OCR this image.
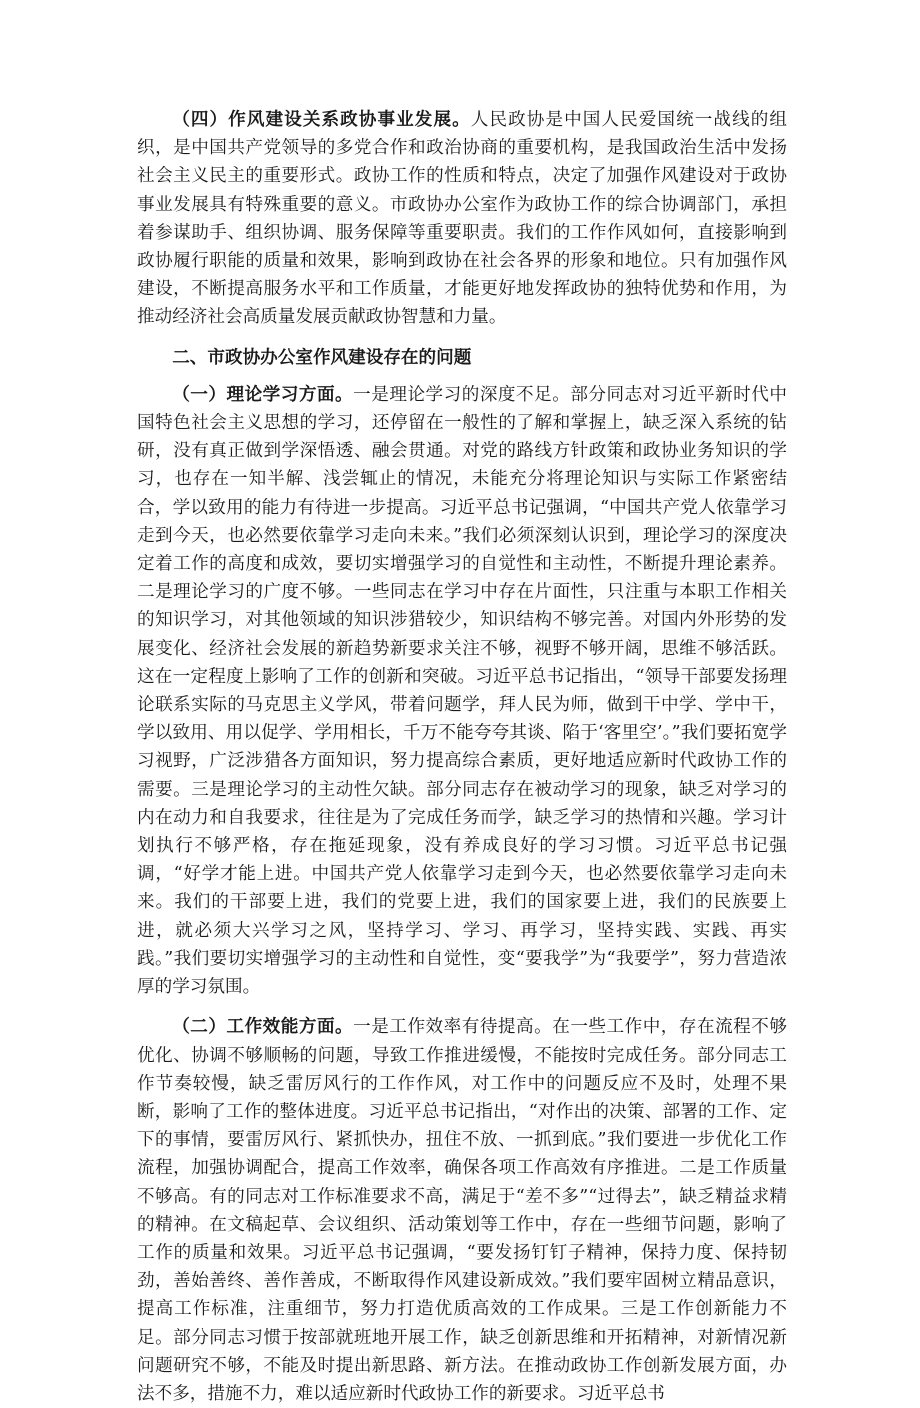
（四）作风建设关系政协事业发展。人民政协是中国人民爱国统一战线的组织，是中国共产党领导的多党合作和政治协商的重要机构，是我国政治生活中发扬社会主义民主的重要形式。政协工作的性质和特点，决定了加强作风建设对于政协事业发展具有特殊重要的意义。市政协办公室作为政协工作的综合协调部门，承担着参谋助手、组织协调、服务保障等重要职责。我们的工作作风如何，直接影响到政协履行职能的质量和效果，影响到政协在社会各界的形象和地位。只有加强作风建设，不断提高服务水平和工作质量，才能更好地发挥政协的独特优势和作用，为推动经济社会高质量发展贡献政协智慧和力量。

二、市政协办公室作风建设存在的问题

（一）理论学习方面。一是理论学习的深度不足。部分同志对习近平新时代中国特色社会主义思想的学习，还停留在一般性的了解和掌握上，缺乏深入系统的钻研，没有真正做到学深悟透、融会贯通。对党的路线方针政策和政协业务知识的学习，也存在一知半解、浅尝辄止的情况，未能充分将理论知识与实际工作紧密结合，学以致用的能力有待进一步提高。习近平总书记强调，“中国共产党人依靠学习走到今天，也必然要依靠学习走向未来。”我们必须深刻认识到，理论学习的深度决定着工作的高度和成效，要切实增强学习的自觉性和主动性，不断提升理论素养。二是理论学习的广度不够。一些同志在学习中存在片面性，只注重与本职工作相关的知识学习，对其他领域的知识涉猎较少，知识结构不够完善。对国内外形势的发展变化、经济社会发展的新趋势新要求关注不够，视野不够开阔，思维不够活跃。这在一定程度上影响了工作的创新和突破。习近平总书记指出，“领导干部要发扬理论联系实际的马克思主义学风，带着问题学，拜人民为师，做到干中学、学中干，学以致用、用以促学、学用相长，千万不能夸夸其谈、陷于‘客里空’。”我们要拓宽学习视野，广泛涉猎各方面知识，努力提高综合素质，更好地适应新时代政协工作的需要。三是理论学习的主动性欠缺。部分同志存在被动学习的现象，缺乏对学习的内在动力和自我要求，往往是为了完成任务而学，缺乏学习的热情和兴趣。学习计划执行不够严格，存在拖延现象，没有养成良好的学习习惯。习近平总书记强调，“好学才能上进。中国共产党人依靠学习走到今天，也必然要依靠学习走向未来。我们的干部要上进，我们的党要上进，我们的国家要上进，我们的民族要上进，就必须大兴学习之风，坚持学习、学习、再学习，坚持实践、实践、再实践。”我们要切实增强学习的主动性和自觉性，变“要我学”为“我要学”，努力营造浓厚的学习氛围。

（二）工作效能方面。一是工作效率有待提高。在一些工作中，存在流程不够优化、协调不够顺畅的问题，导致工作推进缓慢，不能按时完成任务。部分同志工作节奏较慢，缺乏雷厉风行的工作作风，对工作中的问题反应不及时，处理不果断，影响了工作的整体进度。习近平总书记指出，“对作出的决策、部署的工作、定下的事情，要雷厉风行、紧抓快办，扭住不放、一抓到底。”我们要进一步优化工作流程，加强协调配合，提高工作效率，确保各项工作高效有序推进。二是工作质量不够高。有的同志对工作标准要求不高，满足于“差不多”“过得去”，缺乏精益求精的精神。在文稿起草、会议组织、活动策划等工作中，存在一些细节问题，影响了工作的质量和效果。习近平总书记强调，“要发扬钉钉子精神，保持力度、保持韧劲，善始善终、善作善成，不断取得作风建设新成效。”我们要牢固树立精品意识，提高工作标准，注重细节，努力打造优质高效的工作成果。三是工作创新能力不足。部分同志习惯于按部就班地开展工作，缺乏创新思维和开拓精神，对新情况新问题研究不够，不能及时提出新思路、新方法。在推动政协工作创新发展方面，办法不多，措施不力，难以适应新时代政协工作的新要求。习近平总书
